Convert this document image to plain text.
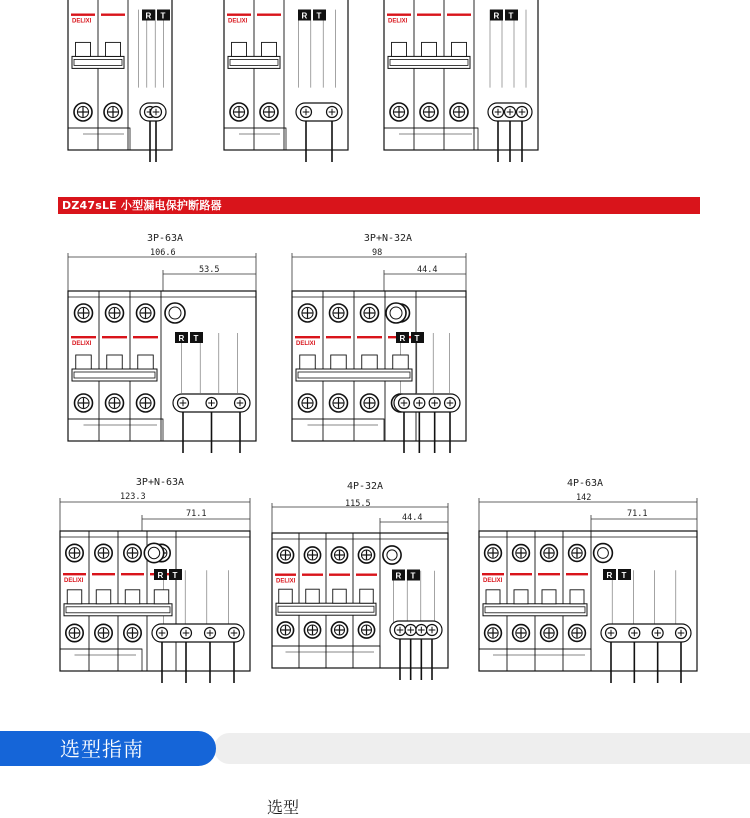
DELIXI
R T
DELIXI
R T
DELIXI
R T
DZ47sLE 小型漏电保护断路器
3P-63A
106.6
53.5
DELIXI
R T
3P+N-32A
98
44.4
DELIXI
R T
3P+N-63A
123.3
71.1
DELIXI
R T
4P-32A
115.5
44.4
DELIXI
R T
4P-63A
142
71.1
DELIXI
R T
选型指南
选型
